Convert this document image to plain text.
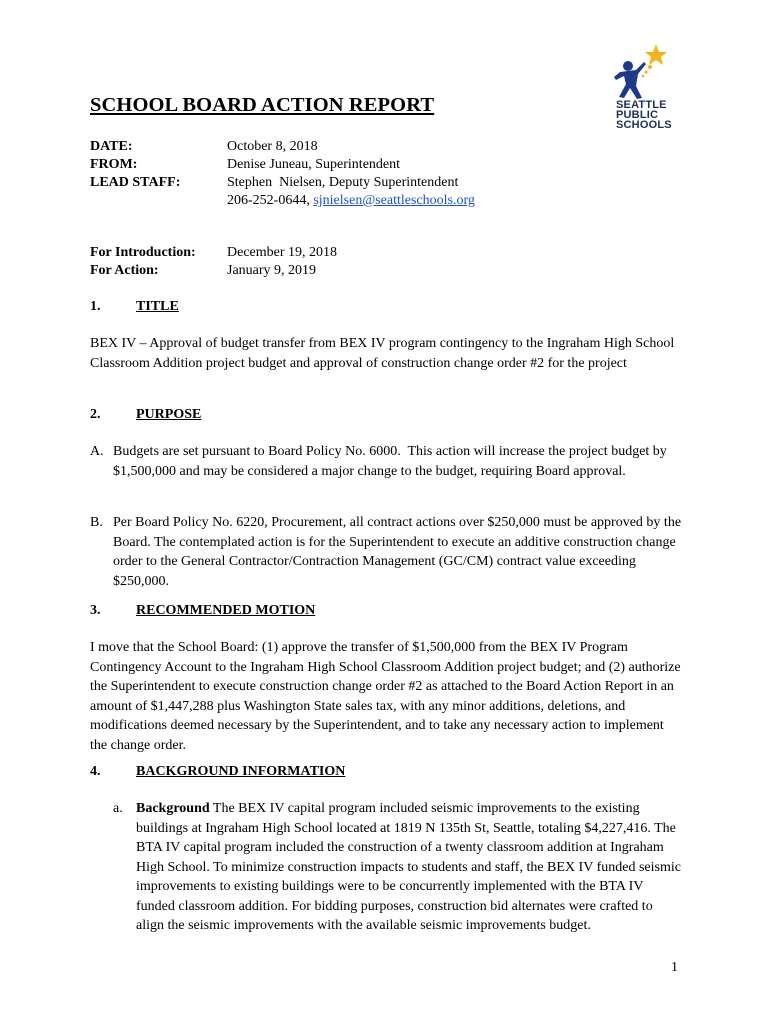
SEATTLE
PUBLIC
SCHOOLS
SCHOOL BOARD ACTION REPORT
DATE:	October 8, 2018
FROM:	Denise Juneau, Superintendent
LEAD STAFF:	Stephen  Nielsen, Deputy Superintendent
206-252-0644, sjnielsen@seattleschools.org
For Introduction: December 19, 2018
For Action:	January 9, 2019
1.	TITLE
BEX IV – Approval of budget transfer from BEX IV program contingency to the Ingraham High School Classroom Addition project budget and approval of construction change order #2 for the project
2.	PURPOSE
A. Budgets are set pursuant to Board Policy No. 6000.  This action will increase the project budget by $1,500,000 and may be considered a major change to the budget, requiring Board approval.
B. Per Board Policy No. 6220, Procurement, all contract actions over $250,000 must be approved by the Board. The contemplated action is for the Superintendent to execute an additive construction change order to the General Contractor/Contraction Management (GC/CM) contract value exceeding $250,000.
3.	RECOMMENDED MOTION
I move that the School Board: (1) approve the transfer of $1,500,000 from the BEX IV Program Contingency Account to the Ingraham High School Classroom Addition project budget; and (2) authorize the Superintendent to execute construction change order #2 as attached to the Board Action Report in an amount of $1,447,288 plus Washington State sales tax, with any minor additions, deletions, and modifications deemed necessary by the Superintendent, and to take any necessary action to implement the change order.
4.	BACKGROUND INFORMATION
a. Background The BEX IV capital program included seismic improvements to the existing buildings at Ingraham High School located at 1819 N 135th St, Seattle, totaling $4,227,416. The BTA IV capital program included the construction of a twenty classroom addition at Ingraham High School. To minimize construction impacts to students and staff, the BEX IV funded seismic improvements to existing buildings were to be concurrently implemented with the BTA IV funded classroom addition. For bidding purposes, construction bid alternates were crafted to align the seismic improvements with the available seismic improvements budget.
1
